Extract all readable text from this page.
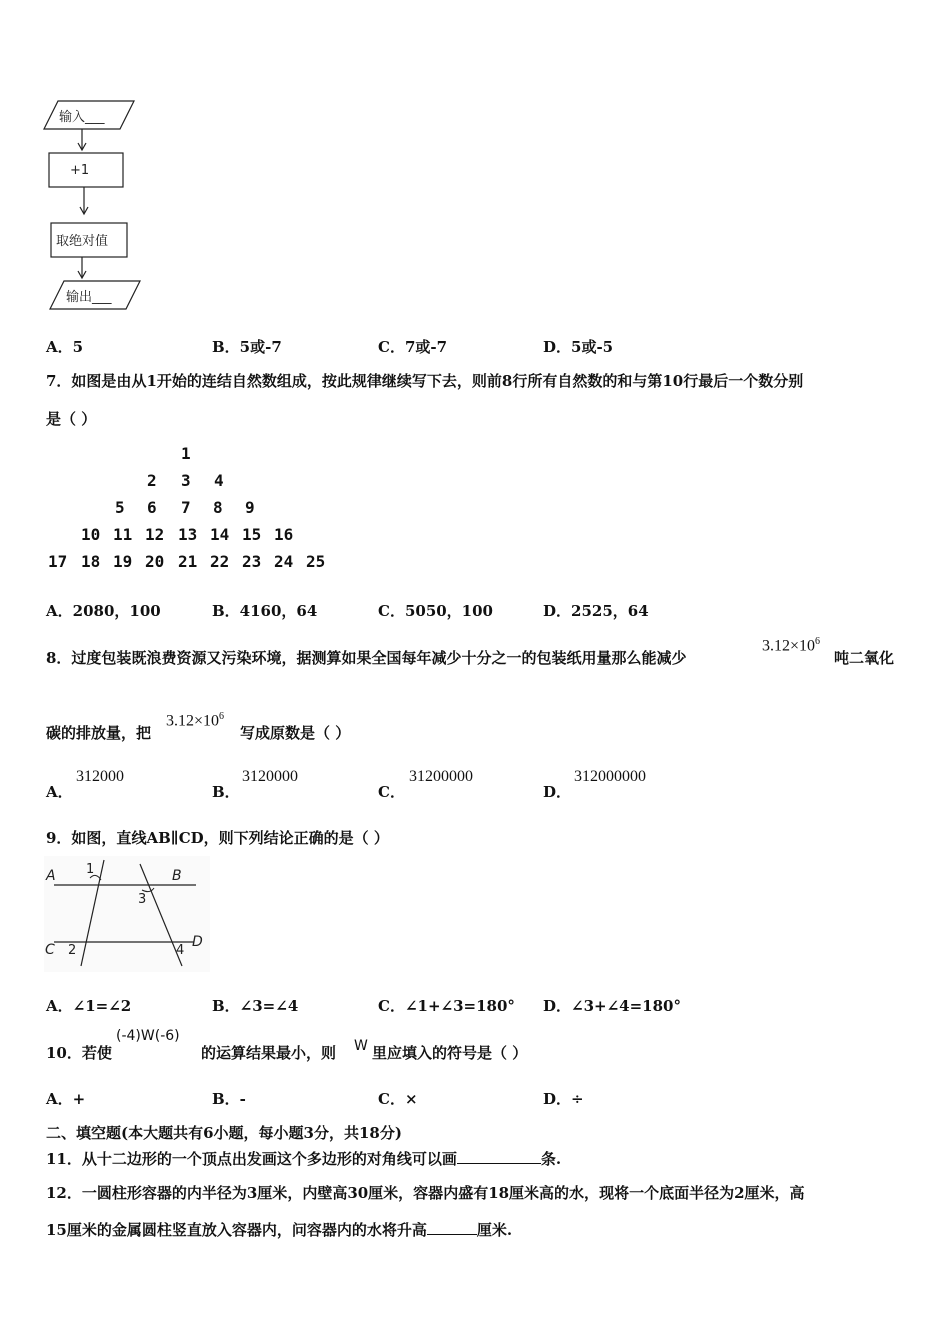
输入___
+1
取绝对值
输出___
A．5	B．5或-7	C．7或-7	D．5或-5
7．如图是由从1开始的连结自然数组成，按此规律继续写下去，则前8行所有自然数的和与第10行最后一个数分别
是（ ）
1
2 3 4
5 6 7 8 9
10 11 12 13 14 15 16
17 18 19 20 21 22 23 24 25
A．2080，100	B．4160，64	C．5050，100	D．2525，64
8．过度包装既浪费资源又污染环境，据测算如果全国每年减少十分之一的包装纸用量那么能减少
$3.12\times 10^6$
吨二氧化
碳的排放量，把
$3.12\times 10^6$
写成原数是（ ）
A．
312000
B．
3120000
C．
31200000
D．
312000000
9．如图，直线AB∥CD，则下列结论正确的是（ ）
A	B
C	D
1
2
3
4
A．∠1=∠2	B．∠3=∠4	C．∠1+∠3=180° D．∠3+∠4=180°
10．若使
(-4)W(-6)
的运算结果最小，则 W 里应填入的符号是（ ）
A．+	B．-	C．×	D．÷
二、填空题(本大题共有6小题，每小题3分，共18分)
11．从十二边形的一个顶点出发画这个多边形的对角线可以画	条.
12．一圆柱形容器的内半径为3厘米，内壁高30厘米，容器内盛有18厘米高的水，现将一个底面半径为2厘米，高
15厘米的金属圆柱竖直放入容器内，问容器内的水将升高	厘米.
